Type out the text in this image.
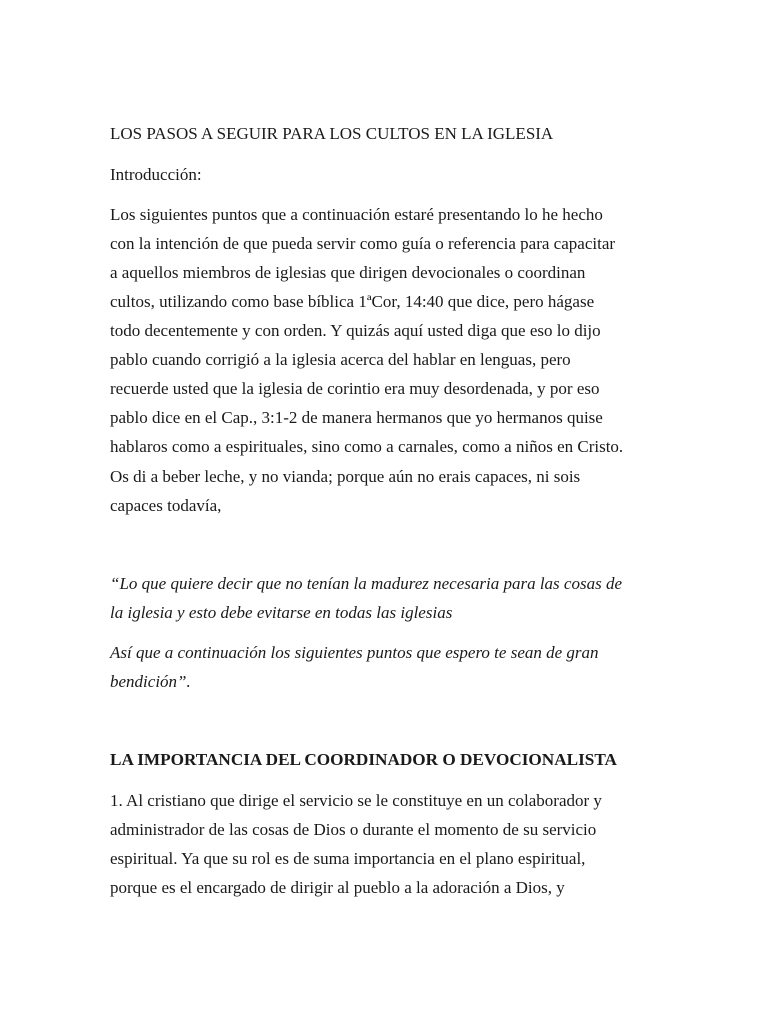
LOS PASOS A SEGUIR PARA LOS CULTOS EN LA IGLESIA
Introducción:
Los siguientes puntos que a continuación estaré presentando lo he hecho
con la intención de que pueda servir como guía o referencia para capacitar
a aquellos miembros de iglesias que dirigen devocionales o coordinan
cultos, utilizando como base bíblica 1ªCor, 14:40 que dice, pero hágase
todo decentemente y con orden. Y quizás aquí usted diga que eso lo dijo
pablo cuando corrigió a la iglesia acerca del hablar en lenguas, pero
recuerde usted que la iglesia de corintio era muy desordenada, y por eso
pablo dice en el Cap., 3:1-2 de manera hermanos que yo hermanos quise
hablaros como a espirituales, sino como a carnales, como a niños en Cristo.
Os di a beber leche, y no vianda; porque aún no erais capaces, ni sois
capaces todavía,
“Lo que quiere decir que no tenían la madurez necesaria para las cosas de
la iglesia y esto debe evitarse en todas las iglesias
Así que a continuación los siguientes puntos que espero te sean de gran
bendición”.
LA IMPORTANCIA DEL COORDINADOR O DEVOCIONALISTA
1. Al cristiano que dirige el servicio se le constituye en un colaborador y
administrador de las cosas de Dios o durante el momento de su servicio
espiritual. Ya que su rol es de suma importancia en el plano espiritual,
porque es el encargado de dirigir al pueblo a la adoración a Dios, y
